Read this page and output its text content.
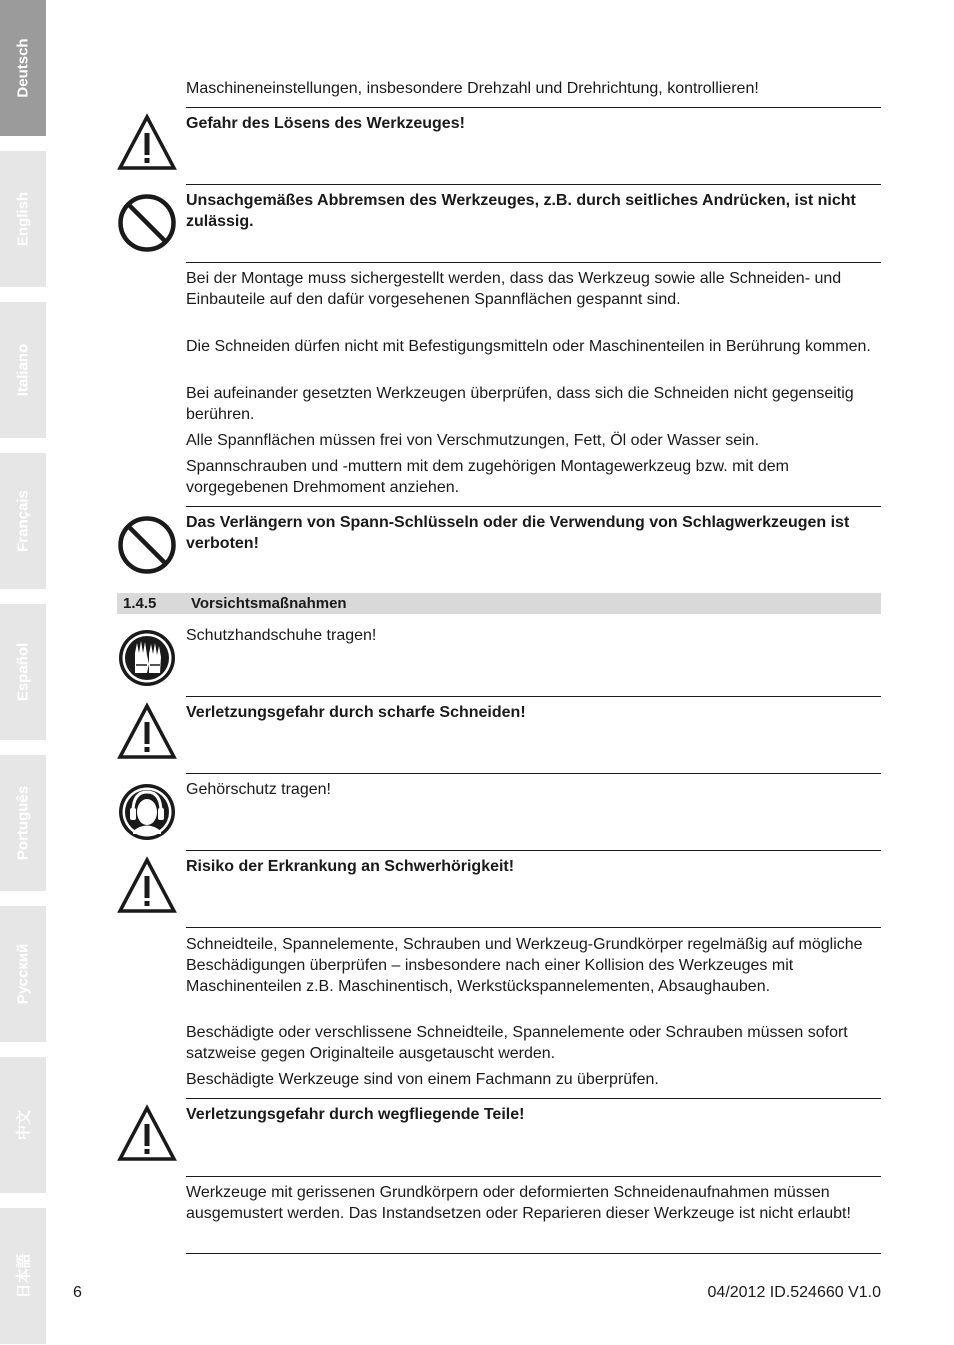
Deutsch
English
Italiano
Français
Español
Português
Русский
中文
日本語

Maschineneinstellungen, insbesondere Drehzahl und Drehrichtung, kontrollieren!

Gefahr des Lösens des Werkzeuges!

Unsachgemäßes Abbremsen des Werkzeuges, z.B. durch seitliches Andrücken, ist nicht zulässig.

Bei der Montage muss sichergestellt werden, dass das Werkzeug sowie alle Schneiden- und Einbauteile auf den dafür vorgesehenen Spannflächen gespannt sind.

Die Schneiden dürfen nicht mit Befestigungsmitteln oder Maschinenteilen in Berührung kommen.

Bei aufeinander gesetzten Werkzeugen überprüfen, dass sich die Schneiden nicht gegenseitig berühren.

Alle Spannflächen müssen frei von Verschmutzungen, Fett, Öl oder Wasser sein.

Spannschrauben und -muttern mit dem zugehörigen Montagewerkzeug bzw. mit dem vorgegebenen Drehmoment anziehen.

Das Verlängern von Spann-Schlüsseln oder die Verwendung von Schlagwerkzeugen ist verboten!

1.4.5 Vorsichtsmaßnahmen

Schutzhandschuhe tragen!

Verletzungsgefahr durch scharfe Schneiden!

Gehörschutz tragen!

Risiko der Erkrankung an Schwerhörigkeit!

Schneidteile, Spannelemente, Schrauben und Werkzeug-Grundkörper regelmäßig auf mögliche Beschädigungen überprüfen – insbesondere nach einer Kollision des Werkzeuges mit Maschinenteilen z.B. Maschinentisch, Werkstückspannelementen, Absaughauben.

Beschädigte oder verschlissene Schneidteile, Spannelemente oder Schrauben müssen sofort satzweise gegen Originalteile ausgetauscht werden.

Beschädigte Werkzeuge sind von einem Fachmann zu überprüfen.

Verletzungsgefahr durch wegfliegende Teile!

Werkzeuge mit gerissenen Grundkörpern oder deformierten Schneidenaufnahmen müssen ausgemustert werden. Das Instandsetzen oder Reparieren dieser Werkzeuge ist nicht erlaubt!

6	04/2012 ID.524660 V1.0
